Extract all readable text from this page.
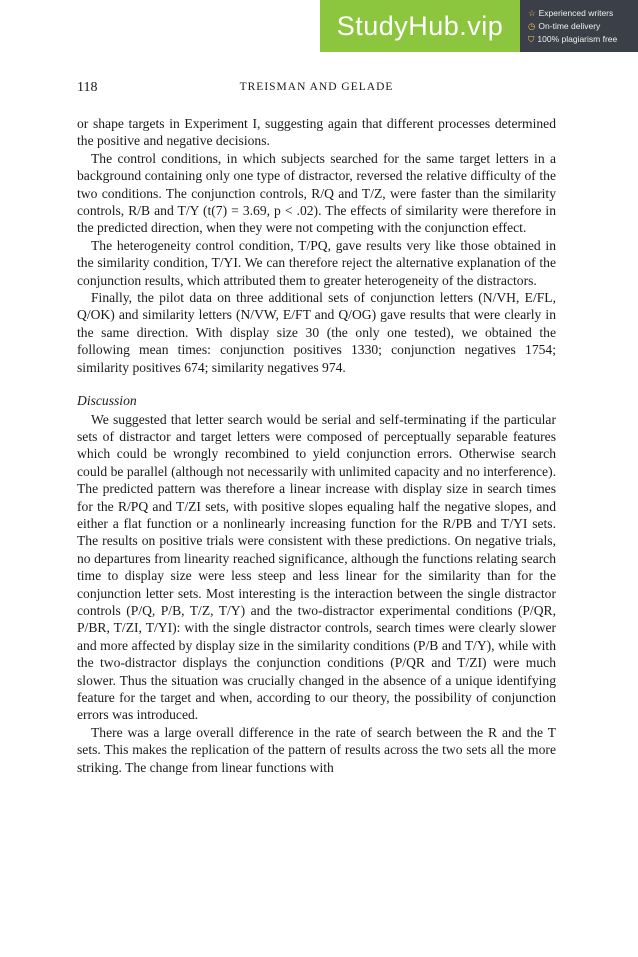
StudyHub.vip	☆ Experienced writers
◷ On-time delivery
⛉ 100% plagiarism free
118	TREISMAN AND GELADE

or shape targets in Experiment I, suggesting again that different processes determined the positive and negative decisions.

The control conditions, in which subjects searched for the same target letters in a background containing only one type of distractor, reversed the relative difficulty of the two conditions. The conjunction controls, R/Q and T/Z, were faster than the similarity controls, R/B and T/Y (t(7) = 3.69, p < .02). The effects of similarity were therefore in the predicted direction, when they were not competing with the conjunction effect.

The heterogeneity control condition, T/PQ, gave results very like those obtained in the similarity condition, T/YI. We can therefore reject the alternative explanation of the conjunction results, which attributed them to greater heterogeneity of the distractors.

Finally, the pilot data on three additional sets of conjunction letters (N/VH, E/FL, Q/OK) and similarity letters (N/VW, E/FT and Q/OG) gave results that were clearly in the same direction. With display size 30 (the only one tested), we obtained the following mean times: conjunction positives 1330; conjunction negatives 1754; similarity positives 674; similarity negatives 974.

Discussion

We suggested that letter search would be serial and self-terminating if the particular sets of distractor and target letters were composed of perceptually separable features which could be wrongly recombined to yield conjunction errors. Otherwise search could be parallel (although not necessarily with unlimited capacity and no interference). The predicted pattern was therefore a linear increase with display size in search times for the R/PQ and T/ZI sets, with positive slopes equaling half the negative slopes, and either a flat function or a nonlinearly increasing function for the R/PB and T/YI sets. The results on positive trials were consistent with these predictions. On negative trials, no departures from linearity reached significance, although the functions relating search time to display size were less steep and less linear for the similarity than for the conjunction letter sets. Most interesting is the interaction between the single distractor controls (P/Q, P/B, T/Z, T/Y) and the two-distractor experimental conditions (P/QR, P/BR, T/ZI, T/YI): with the single distractor controls, search times were clearly slower and more affected by display size in the similarity conditions (P/B and T/Y), while with the two-distractor displays the conjunction conditions (P/QR and T/ZI) were much slower. Thus the situation was crucially changed in the absence of a unique identifying feature for the target and when, according to our theory, the possibility of conjunction errors was introduced.

There was a large overall difference in the rate of search between the R and the T sets. This makes the replication of the pattern of results across the two sets all the more striking. The change from linear functions with
